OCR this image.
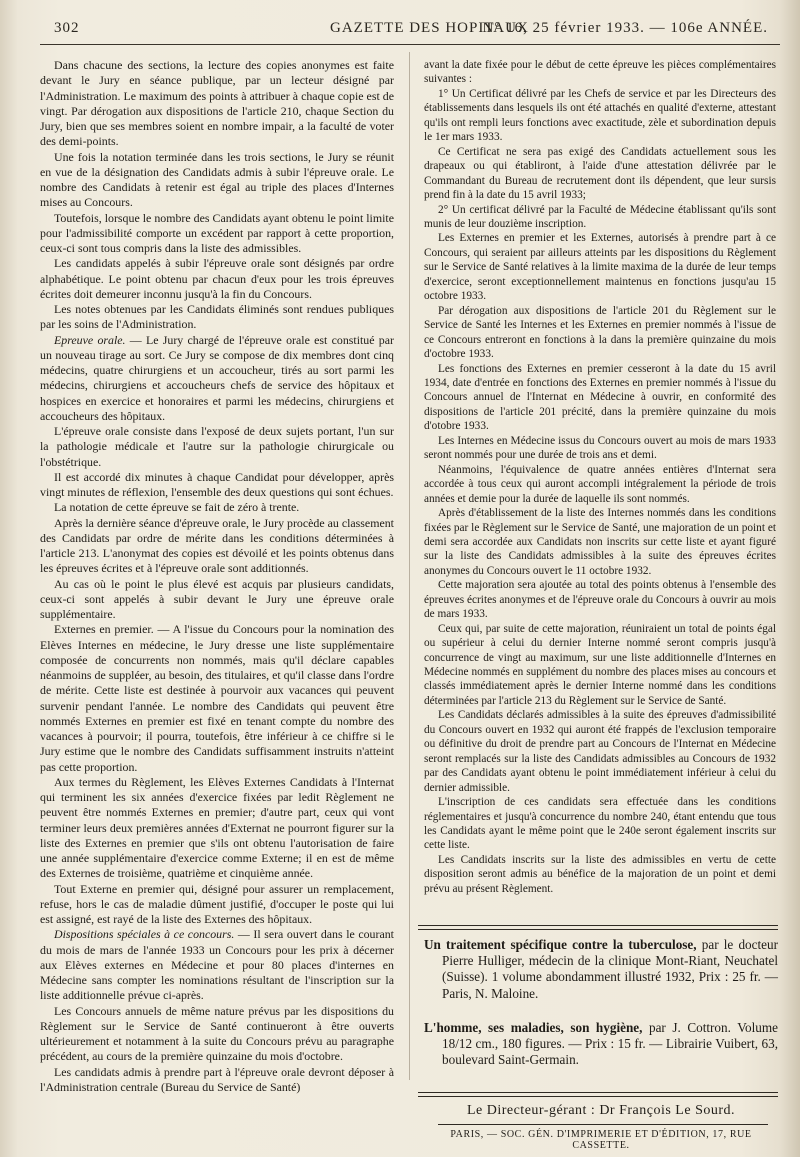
302	GAZETTE DES HOPITAUX
N° 16, 25 février 1933. — 106e ANNÉE.

Dans chacune des sections, la lecture des copies anonymes est faite devant le Jury en séance publique, par un lecteur désigné par l'Administration. Le maximum des points à attribuer à chaque copie est de vingt. Par dérogation aux dispositions de l'article 210, chaque Section du Jury, bien que ses membres soient en nombre impair, a la faculté de voter des demi-points.

Une fois la notation terminée dans les trois sections, le Jury se réunit en vue de la désignation des Candidats admis à subir l'épreuve orale. Le nombre des Candidats à retenir est égal au triple des places d'Internes mises au Concours.

Toutefois, lorsque le nombre des Candidats ayant obtenu le point limite pour l'admissibilité comporte un excédent par rapport à cette proportion, ceux-ci sont tous compris dans la liste des admissibles.

Les candidats appelés à subir l'épreuve orale sont désignés par ordre alphabétique. Le point obtenu par chacun d'eux pour les trois épreuves écrites doit demeurer inconnu jusqu'à la fin du Concours.

Les notes obtenues par les Candidats éliminés sont rendues publiques par les soins de l'Administration.

Epreuve orale. — Le Jury chargé de l'épreuve orale est constitué par un nouveau tirage au sort. Ce Jury se compose de dix membres dont cinq médecins, quatre chirurgiens et un accoucheur, tirés au sort parmi les médecins, chirurgiens et accoucheurs chefs de service des hôpitaux et hospices en exercice et honoraires et parmi les médecins, chirurgiens et accoucheurs des hôpitaux.

L'épreuve orale consiste dans l'exposé de deux sujets portant, l'un sur la pathologie médicale et l'autre sur la pathologie chirurgicale ou l'obstétrique.

Il est accordé dix minutes à chaque Candidat pour développer, après vingt minutes de réflexion, l'ensemble des deux questions qui sont échues.

La notation de cette épreuve se fait de zéro à trente.

Après la dernière séance d'épreuve orale, le Jury procède au classement des Candidats par ordre de mérite dans les conditions déterminées à l'article 213. L'anonymat des copies est dévoilé et les points obtenus dans les épreuves écrites et à l'épreuve orale sont additionnés.

Au cas où le point le plus élevé est acquis par plusieurs candidats, ceux-ci sont appelés à subir devant le Jury une épreuve orale supplémentaire.

Externes en premier. — A l'issue du Concours pour la nomination des Elèves Internes en médecine, le Jury dresse une liste supplémentaire composée de concurrents non nommés, mais qu'il déclare capables néanmoins de suppléer, au besoin, des titulaires, et qu'il classe dans l'ordre de mérite. Cette liste est destinée à pourvoir aux vacances qui peuvent survenir pendant l'année. Le nombre des Candidats qui peuvent être nommés Externes en premier est fixé en tenant compte du nombre des vacances à pourvoir; il pourra, toutefois, être inférieur à ce chiffre si le Jury estime que le nombre des Candidats suffisamment instruits n'atteint pas cette proportion.

Aux termes du Règlement, les Elèves Externes Candidats à l'Internat qui terminent les six années d'exercice fixées par ledit Règlement ne peuvent être nommés Externes en premier; d'autre part, ceux qui vont terminer leurs deux premières années d'Externat ne pourront figurer sur la liste des Externes en premier que s'ils ont obtenu l'autorisation de faire une année supplémentaire d'exercice comme Externe; il en est de même des Externes de troisième, quatrième et cinquième année.

Tout Externe en premier qui, désigné pour assurer un remplacement, refuse, hors le cas de maladie dûment justifié, d'occuper le poste qui lui est assigné, est rayé de la liste des Externes des hôpitaux.

Dispositions spéciales à ce concours. — Il sera ouvert dans le courant du mois de mars de l'année 1933 un Concours pour les prix à décerner aux Elèves externes en Médecine et pour 80 places d'internes en Médecine sans compter les nominations résultant de l'inscription sur la liste additionnelle prévue ci-après.

Les Concours annuels de même nature prévus par les dispositions du Règlement sur le Service de Santé continueront à être ouverts ultérieurement et notamment à la suite du Concours prévu au paragraphe précédent, au cours de la première quinzaine du mois d'octobre.

Les candidats admis à prendre part à l'épreuve orale devront déposer à l'Administration centrale (Bureau du Service de Santé)

avant la date fixée pour le début de cette épreuve les pièces complémentaires suivantes :

1° Un Certificat délivré par les Chefs de service et par les Directeurs des établissements dans lesquels ils ont été attachés en qualité d'externe, attestant qu'ils ont rempli leurs fonctions avec exactitude, zèle et subordination depuis le 1er mars 1933.

Ce Certificat ne sera pas exigé des Candidats actuellement sous les drapeaux ou qui établiront, à l'aide d'une attestation délivrée par le Commandant du Bureau de recrutement dont ils dépendent, que leur sursis prend fin à la date du 15 avril 1933;

2° Un certificat délivré par la Faculté de Médecine établissant qu'ils sont munis de leur douzième inscription.

Les Externes en premier et les Externes, autorisés à prendre part à ce Concours, qui seraient par ailleurs atteints par les dispositions du Règlement sur le Service de Santé relatives à la limite maxima de la durée de leur temps d'exercice, seront exceptionnellement maintenus en fonctions jusqu'au 15 octobre 1933.

Par dérogation aux dispositions de l'article 201 du Règlement sur le Service de Santé les Internes et les Externes en premier nommés à l'issue de ce Concours entreront en fonctions à la dans la première quinzaine du mois d'octobre 1933.

Les fonctions des Externes en premier cesseront à la date du 15 avril 1934, date d'entrée en fonctions des Externes en premier nommés à l'issue du Concours annuel de l'Internat en Médecine à ouvrir, en conformité des dispositions de l'article 201 précité, dans la première quinzaine du mois d'otobre 1933.

Les Internes en Médecine issus du Concours ouvert au mois de mars 1933 seront nommés pour une durée de trois ans et demi.

Néanmoins, l'équivalence de quatre années entières d'Internat sera accordée à tous ceux qui auront accompli intégralement la période de trois années et demie pour la durée de laquelle ils sont nommés.

Après d'établissement de la liste des Internes nommés dans les conditions fixées par le Règlement sur le Service de Santé, une majoration de un point et demi sera accordée aux Candidats non inscrits sur cette liste et ayant figuré sur la liste des Candidats admissibles à la suite des épreuves écrites anonymes du Concours ouvert le 11 octobre 1932.

Cette majoration sera ajoutée au total des points obtenus à l'ensemble des épreuves écrites anonymes et de l'épreuve orale du Concours à ouvrir au mois de mars 1933.

Ceux qui, par suite de cette majoration, réuniraient un total de points égal ou supérieur à celui du dernier Interne nommé seront compris jusqu'à concurrence de vingt au maximum, sur une liste additionnelle d'Internes en Médecine nommés en supplément du nombre des places mises au concours et classés immédiatement après le dernier Interne nommé dans les conditions déterminées par l'article 213 du Règlement sur le Service de Santé.

Les Candidats déclarés admissibles à la suite des épreuves d'admissibilité du Concours ouvert en 1932 qui auront été frappés de l'exclusion temporaire ou définitive du droit de prendre part au Concours de l'Internat en Médecine seront remplacés sur la liste des Candidats admissibles au Concours de 1932 par des Candidats ayant obtenu le point immédiatement inférieur à celui du dernier admissible.

L'inscription de ces candidats sera effectuée dans les conditions réglementaires et jusqu'à concurrence du nombre 240, étant entendu que tous les Candidats ayant le même point que le 240e seront également inscrits sur cette liste.

Les Candidats inscrits sur la liste des admissibles en vertu de cette disposition seront admis au bénéfice de la majoration de un point et demi prévu au présent Règlement.

Un traitement spécifique contre la tuberculose, par le docteur Pierre Hulliger, médecin de la clinique Mont-Riant, Neuchatel (Suisse). 1 volume abondamment illustré 1932, Prix : 25 fr. — Paris, N. Maloine.

L'homme, ses maladies, son hygiène, par J. Cottron. Volume 18/12 cm., 180 figures. — Prix : 15 fr. — Librairie Vuibert, 63, boulevard Saint-Germain.

Le Directeur-gérant : Dr François Le Sourd.
PARIS, — SOC. GÉN. D'IMPRIMERIE ET D'ÉDITION, 17, RUE CASSETTE.
